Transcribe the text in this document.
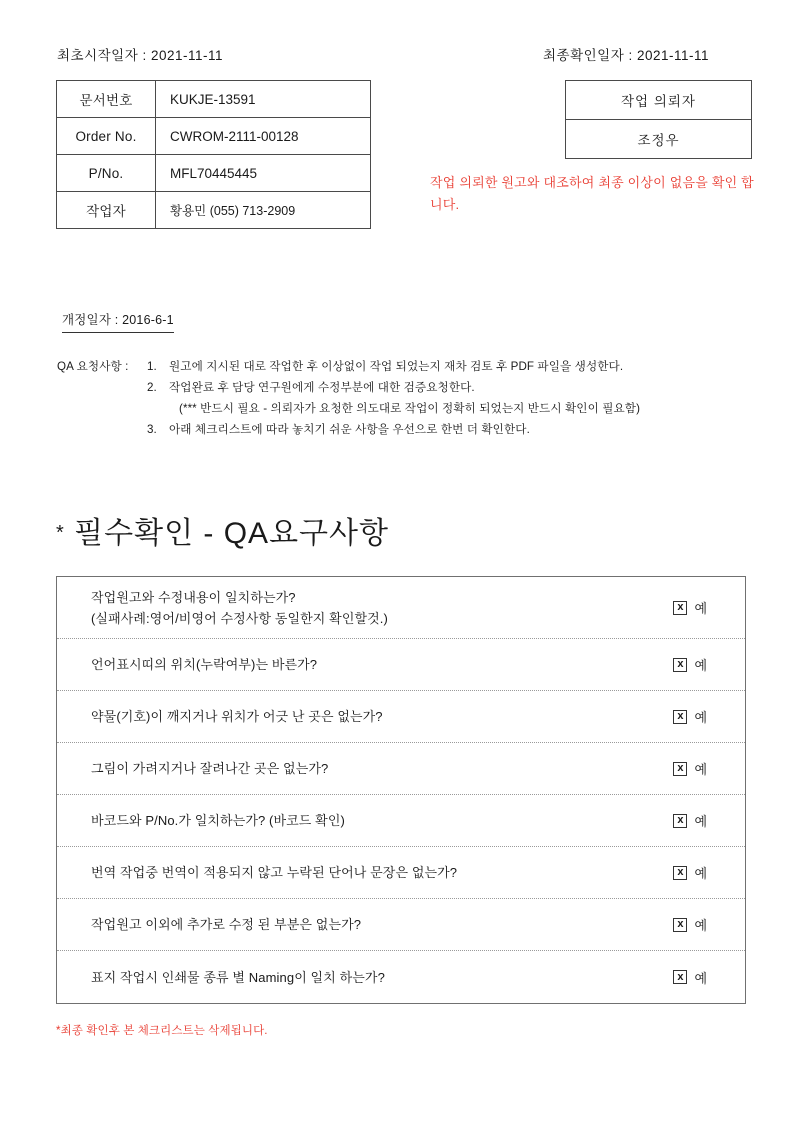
최초시작일자 : 2021-11-11	최종확인일자 : 2021-11-11
문서번호	KUKJE-13591
Order No.	CWROM-2111-00128
P/No.	MFL70445445
작업자	황용민 (055) 713-2909
작업 의뢰자
조정우
작업 의뢰한 원고와 대조하여 최종 이상이 없음을 확인 합니다.
개정일자 : 2016-6-1
QA 요청사항 : 1. 원고에 지시된 대로 작업한 후 이상없이 작업 되었는지 재차 검토 후 PDF 파일을 생성한다.
2. 작업완료 후 담당 연구원에게 수정부분에 대한 검증요청한다.
(*** 반드시 필요 - 의뢰자가 요청한 의도대로 작업이 정확히 되었는지 반드시 확인이 필요함)
3. 아래 체크리스트에 따라 놓치기 쉬운 사항을 우선으로 한번 더 확인한다.
* 필수확인 - QA요구사항
작업원고와 수정내용이 일치하는가?
(실패사례:영어/비영어 수정사항 동일한지 확인할것.)
x 예
언어표시띠의 위치(누락여부)는 바른가?	x 예
약물(기호)이 깨지거나 위치가 어긋 난 곳은 없는가?	x 예
그림이 가려지거나 잘려나간 곳은 없는가?	x 예
바코드와 P/No.가 일치하는가? (바코드 확인)	x 예
번역 작업중 번역이 적용되지 않고 누락된 단어나 문장은 없는가?	x 예
작업원고 이외에 추가로 수정 된 부분은 없는가?	x 예
표지 작업시 인쇄물 종류 별 Naming이 일치 하는가?	x 예
*최종 확인후 본 체크리스트는 삭제됩니다.
